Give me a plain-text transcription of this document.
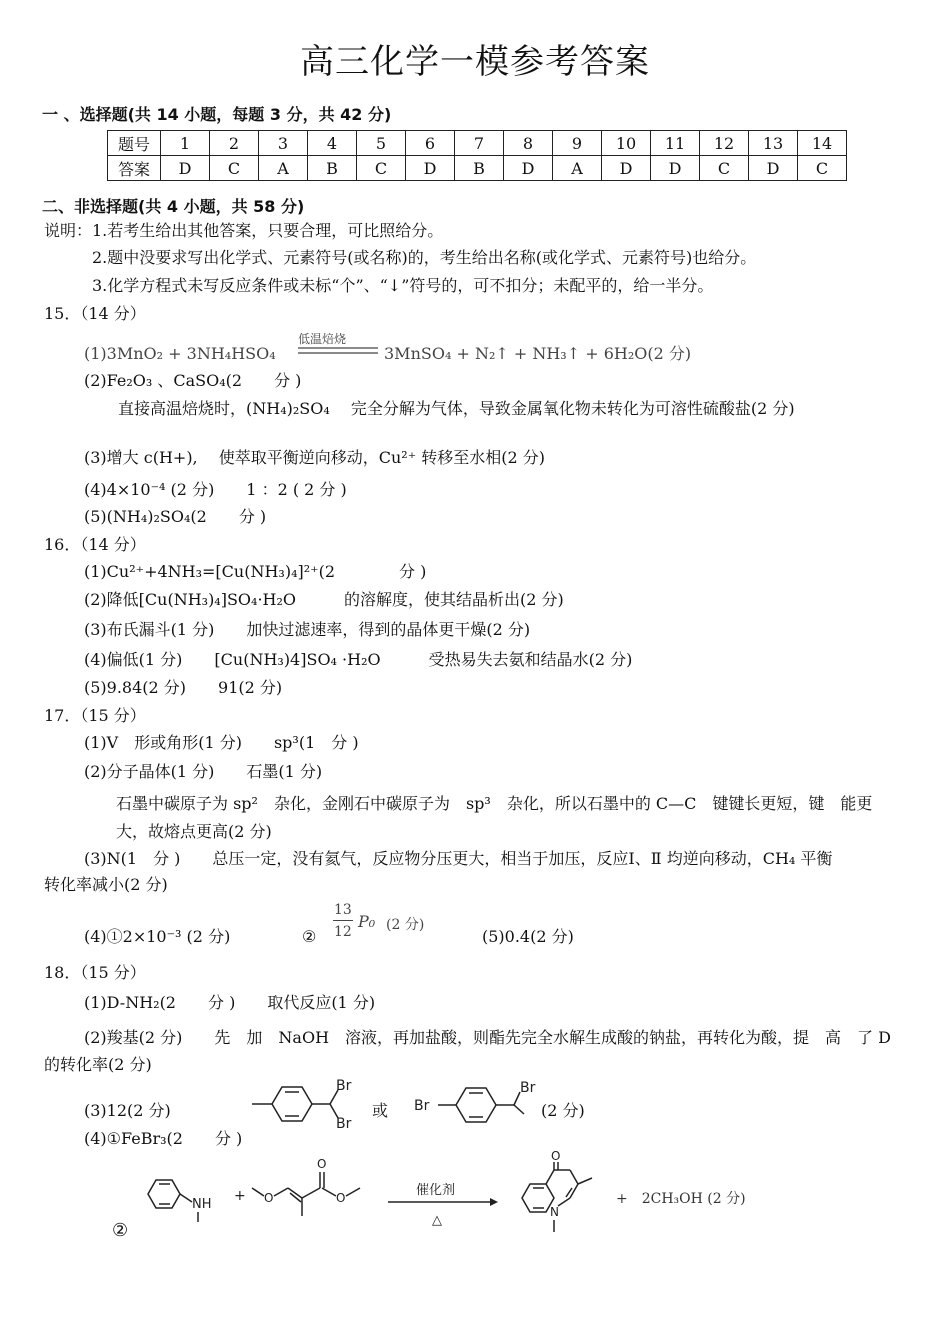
高三化学一模参考答案
一 、选择题(共 14 小题，每题 3 分，共 42 分)
题号	1	2	3	4	5	6	7	8	9	10	11	12	13	14
答案	D	C	A	B	C	D	B	D	A	D	D	C	D	C
二、非选择题(共 4 小题，共 58 分)
说明：1.若考生给出其他答案，只要合理，可比照给分。
2.题中没要求写出化学式、元素符号(或名称)的，考生给出名称(或化学式、元素符号)也给分。
3.化学方程式未写反应条件或未标“个”、“↓”符号的，可不扣分；未配平的，给一半分。
15．（14 分）
(1)3MnO₂ + 3NH₄HSO₄
低温焙烧
3MnSO₄ + N₂↑ + NH₃↑ + 6H₂O(2 分)
(2)Fe₂O₃ 、CaSO₄(2　　分 )
直接高温焙烧时，(NH₄)₂SO₄　 完全分解为气体，导致金属氧化物未转化为可溶性硫酸盐(2 分)
(3)增大 c(H+),　 使萃取平衡逆向移动，Cu²⁺ 转移至水相(2 分)
(4)4×10⁻⁴ (2 分)　　1 ：2 ( 2 分 )
(5)(NH₄)₂SO₄(2　　分 )
16．（14 分）
(1)Cu²⁺+4NH₃=[Cu(NH₃)₄]²⁺(2　　　　分 )
(2)降低[Cu(NH₃)₄]SO₄·H₂O　　　的溶解度，使其结晶析出(2 分)
(3)布氏漏斗(1 分)　　加快过滤速率，得到的晶体更干燥(2 分)
(4)偏低(1 分)　　[Cu(NH₃)4]SO₄ ·H₂O　　　受热易失去氨和结晶水(2 分)
(5)9.84(2 分)　　91(2 分)
17．（15 分）
(1)V　形或角形(1 分)　　sp³(1　分 )
(2)分子晶体(1 分)　　石墨(1 分)
石墨中碳原子为 sp²　杂化，金刚石中碳原子为　sp³　杂化，所以石墨中的 C—C　键键长更短，键　能更大，故熔点更高(2 分)
(3)N(1　分 )　　总压一定，没有氦气，反应物分压更大，相当于加压，反应Ⅰ、Ⅱ 均逆向移动，CH₄ 平衡转化率减小(2 分)
(4)①2×10⁻³ (2 分)	②
13
12
P₀ (2 分)
(5)0.4(2 分)
18．（15 分）
(1)D-NH₂(2　　分 )　　取代反应(1 分)
(2)羧基(2 分)　　先　加　NaOH　溶液，再加盐酸，则酯先完全水解生成酸的钠盐，再转化为酸，提　高　了 D 的转化率(2 分)
(3)12(2 分)
Br
Br
或 Br
Br
(2 分)
(4)①FeBr₃(2　　分 )
②
NH
+ O
O
O	催化剂
△
O
N
+　2CH₃OH (2 分)
